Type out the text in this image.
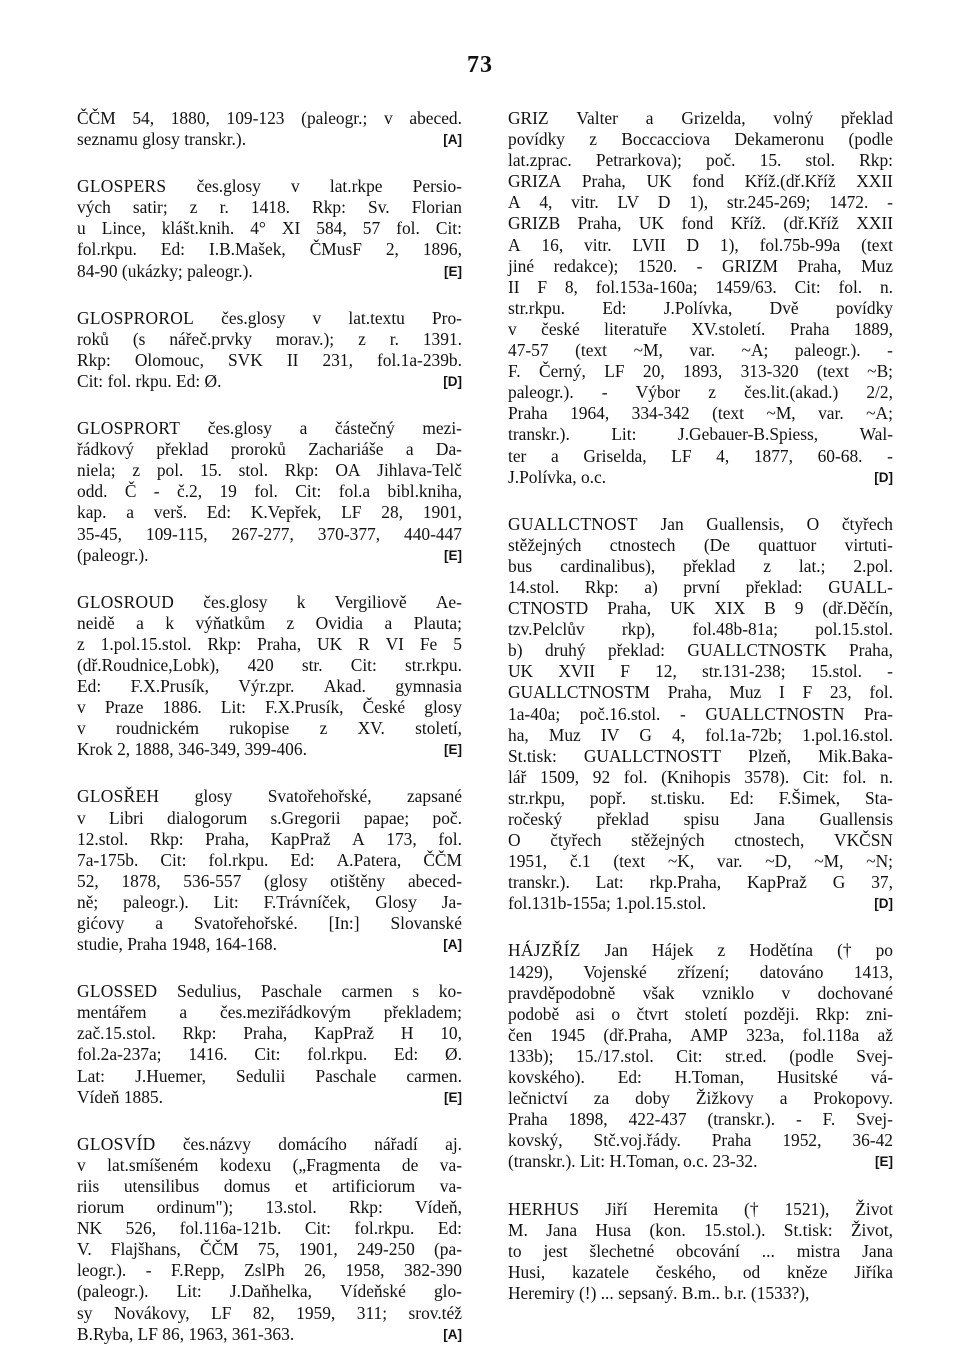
73
ČČM 54, 1880, 109-123 (paleogr.; v abeced.
seznamu glosy transkr.).	[A]
GLOSPERS čes.glosy v lat.rkpe Persio-
vých satir; z r. 1418. Rkp: Sv. Florian
u Lince, klášt.knih. 4° XI 584, 57 fol. Cit:
fol.rkpu. Ed: I.B.Mašek, ČMusF 2, 1896,
84-90 (ukázky; paleogr.).	[E]
GLOSPROROL čes.glosy v lat.textu Pro-
roků (s nářeč.prvky morav.); z r. 1391.
Rkp: Olomouc, SVK II 231, fol.1a-239b.
Cit: fol. rkpu. Ed: Ø.	[D]
GLOSPRORT čes.glosy a částečný mezi-
řádkový překlad proroků Zachariáše a Da-
niela; z pol. 15. stol. Rkp: OA Jihlava-Telč
odd. Č - č.2, 19 fol. Cit: fol.a bibl.kniha,
kap. a verš. Ed: K.Vepřek, LF 28, 1901,
35-45, 109-115, 267-277, 370-377, 440-447
(paleogr.).	[E]
GLOSROUD čes.glosy k Vergiliově Ae-
neidě a k výňatkům z Ovidia a Plauta;
z 1.pol.15.stol. Rkp: Praha, UK R VI Fe 5
(dř.Roudnice,Lobk), 420 str. Cit: str.rkpu.
Ed: F.X.Prusík, Výr.zpr. Akad. gymnasia
v Praze 1886. Lit: F.X.Prusík, České glosy
v roudnickém rukopise z XV. století,
Krok 2, 1888, 346-349, 399-406.	[E]
GLOSŘEH glosy Svatořehořské, zapsané
v Libri dialogorum s.Gregorii papae; poč.
12.stol. Rkp: Praha, KapPraž A 173, fol.
7a-175b. Cit: fol.rkpu. Ed: A.Patera, ČČM
52, 1878, 536-557 (glosy otištěny abeced-
ně; paleogr.). Lit: F.Trávníček, Glosy Ja-
gićovy a Svatořehořské. [In:] Slovanské
studie, Praha 1948, 164-168.	[A]
GLOSSED Sedulius, Paschale carmen s ko-
mentářem a čes.meziřádkovým překladem;
zač.15.stol. Rkp: Praha, KapPraž H 10,
fol.2a-237a; 1416. Cit: fol.rkpu. Ed: Ø.
Lat: J.Huemer, Sedulii Paschale carmen.
Vídeň 1885.	[E]
GLOSVÍD čes.názvy domácího nářadí aj.
v lat.smíšeném kodexu („Fragmenta de va-
riis utensilibus domus et artificiorum va-
riorum ordinum"); 13.stol. Rkp: Vídeň,
NK 526, fol.116a-121b. Cit: fol.rkpu. Ed:
V. Flajšhans, ČČM 75, 1901, 249-250 (pa-
leogr.). - F.Repp, ZslPh 26, 1958, 382-390
(paleogr.). Lit: J.Daňhelka, Vídeňské glo-
sy Novákovy, LF 82, 1959, 311; srov.též
B.Ryba, LF 86, 1963, 361-363.	[A]
GRIZ Valter a Grizelda, volný překlad
povídky z Boccacciova Dekameronu (podle
lat.zprac. Petrarkova); poč. 15. stol. Rkp:
GRIZA Praha, UK fond Kříž.(dř.Kříž XXII
A 4, vitr. LV D 1), str.245-269; 1472. -
GRIZB Praha, UK fond Kříž. (dř.Kříž XXII
A 16, vitr. LVII D 1), fol.75b-99a (text
jiné redakce); 1520. - GRIZM Praha, Muz
II F 8, fol.153a-160a; 1459/63. Cit: fol. n.
str.rkpu. Ed: J.Polívka, Dvě povídky
v české literatuře XV.století. Praha 1889,
47-57 (text ~M, var. ~A; paleogr.). -
F. Černý, LF 20, 1893, 313-320 (text ~B;
paleogr.). - Výbor z čes.lit.(akad.) 2/2,
Praha 1964, 334-342 (text ~M, var. ~A;
transkr.). Lit: J.Gebauer-B.Spiess, Wal-
ter a Griselda, LF 4, 1877, 60-68. -
J.Polívka, o.c.	[D]
GUALLCTNOST Jan Guallensis, O čtyřech
stěžejných ctnostech (De quattuor virtuti-
bus cardinalibus), překlad z lat.; 2.pol.
14.stol. Rkp: a) první překlad: GUALL-
CTNOSTD Praha, UK XIX B 9 (dř.Děčín,
tzv.Pelclův rkp), fol.48b-81a; pol.15.stol.
b) druhý překlad: GUALLCTNOSTK Praha,
UK XVII F 12, str.131-238; 15.stol. -
GUALLCTNOSTM Praha, Muz I F 23, fol.
1a-40a; poč.16.stol. - GUALLCTNOSTN Pra-
ha, Muz IV G 4, fol.1a-72b; 1.pol.16.stol.
St.tisk: GUALLCTNOSTT Plzeň, Mik.Baka-
lář 1509, 92 fol. (Knihopis 3578). Cit: fol. n.
str.rkpu, popř. st.tisku. Ed: F.Šimek, Sta-
ročeský překlad spisu Jana Guallensis
O čtyřech stěžejných ctnostech, VKČSN
1951, č.1 (text ~K, var. ~D, ~M, ~N;
transkr.). Lat: rkp.Praha, KapPraž G 37,
fol.131b-155a; 1.pol.15.stol.	[D]
HÁJZŘÍZ Jan Hájek z Hodětína († po
1429), Vojenské zřízení; datováno 1413,
pravděpodobně však vzniklo v dochované
podobě asi o čtvrt století později. Rkp: zni-
čen 1945 (dř.Praha, AMP 323a, fol.118a až
133b); 15./17.stol. Cit: str.ed. (podle Svej-
kovského). Ed: H.Toman, Husitské vá-
lečnictví za doby Žižkovy a Prokopovy.
Praha 1898, 422-437 (transkr.). - F. Svej-
kovský, Stč.voj.řády. Praha 1952, 36-42
(transkr.). Lit: H.Toman, o.c. 23-32.	[E]
HERHUS Jiří Heremita († 1521), Život
M. Jana Husa (kon. 15.stol.). St.tisk: Život,
to jest šlechetné obcování ... mistra Jana
Husi, kazatele českého, od kněze Jiříka
Heremiry (!) ... sepsaný. B.m.. b.r. (1533?),
